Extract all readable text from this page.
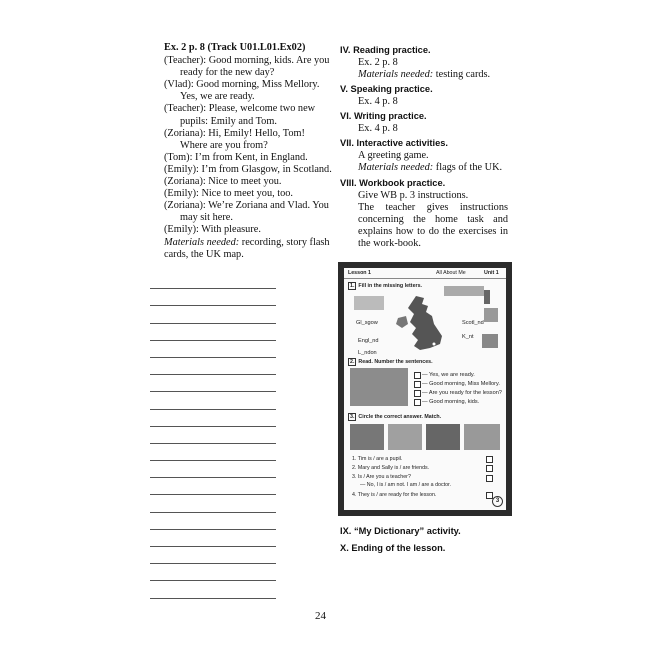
Ex. 2 p. 8 (Track U01.L01.Ex02)
(Teacher): Good morning, kids. Are you ready for the new day?
(Vlad): Good morning, Miss Mellory. Yes, we are ready.
(Teacher): Please, welcome two new pupils: Emily and Tom.
(Zoriana): Hi, Emily! Hello, Tom! Where are you from?
(Tom): I’m from Kent, in England.
(Emily): I’m from Glasgow, in Scotland.
(Zoriana): Nice to meet you.
(Emily): Nice to meet you, too.
(Zoriana): We’re Zoriana and Vlad. You may sit here.
(Emily): With pleasure.
Materials needed: recording, story flash cards, the UK map.
IV. Reading practice.
Ex. 2 p. 8
Materials needed: testing cards.
V. Speaking practice.
Ex. 4 p. 8
VI. Writing practice.
Ex. 4 p. 8
VII. Interactive activities.
A greeting game.
Materials needed: flags of the UK.
VIII. Workbook practice.
Give WB p. 3 instructions.
The teacher gives instructions concerning the home task and explains how to do the exercises in the work-book.
Lesson 1	All About Me	Unit 1
1. Fill in the missing letters.
Gl_sgow	Scotl_nd
Engl_nd
K_nt
L_ndon
2. Read. Number the sentences.
— Yes, we are ready.
— Good morning, Miss Mellory.
— Are you ready for the lesson?
— Good morning, kids.
3. Circle the correct answer. Match.
1. Tim is / are a pupil.
2. Mary and Sally is / are friends.
3. Is / Are you a teacher?
— No, I is / am not. I am / are a doctor.
4. They is / are ready for the lesson.
3
IX. “My Dictionary” activity.
X. Ending of the lesson.
24
